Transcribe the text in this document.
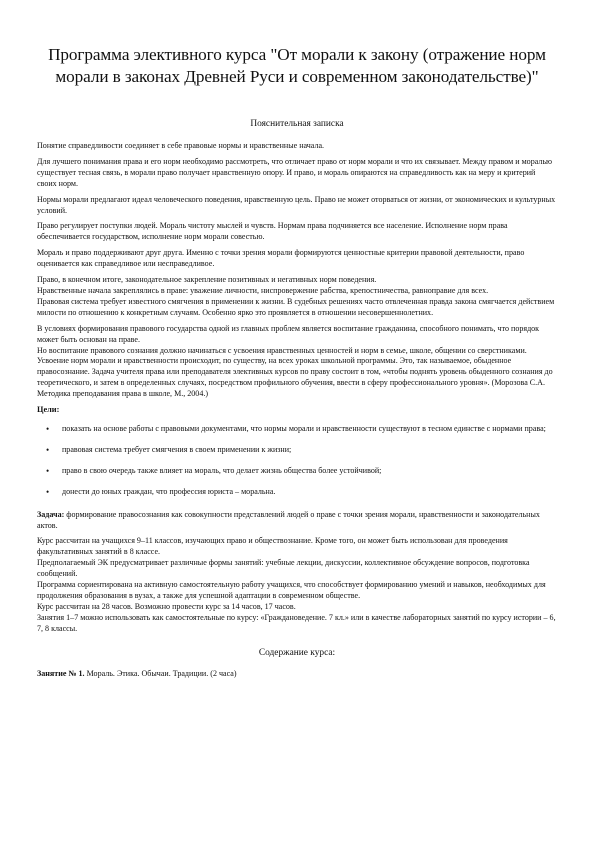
Программа элективного курса "От морали к закону (отражение норм морали в законах Древней Руси и современном законодательстве)"
Пояснительная записка

Понятие справедливости соединяет в себе правовые нормы и нравственные начала.

Для лучшего понимания права и его норм необходимо рассмотреть, что отличает право от норм морали и что их связывает. Между правом и моралью существует тесная связь, в морали право получает нравственную опору. И право, и мораль опираются на справедливость как на меру и критерий своих норм.

Нормы морали предлагают идеал человеческого поведения, нравственную цель. Право не может оторваться от жизни, от экономических и культурных условий.

Право регулирует поступки людей. Мораль чистоту мыслей и чувств. Нормам права подчиняется все население. Исполнение норм права обеспечивается государством, исполнение норм морали совестью.

Мораль и право поддерживают друг друга. Именно с точки зрения морали формируются ценностные критерии правовой деятельности, право оценивается как справедливое или несправедливое.

Право, в конечном итоге, законодательное закрепление позитивных и негативных норм поведения.

Нравственные начала закреплялись в праве: уважение личности, ниспровержение рабства, крепостничества, равноправие для всех.

Правовая система требует известного смягчения в применении к жизни. В судебных решениях часто отвлеченная правда закона смягчается действием милости по отношению к конкретным случаям. Особенно ярко это проявляется в отношении несовершеннолетних.

В условиях формирования правового государства одной из главных проблем является воспитание гражданина, способного понимать, что порядок может быть основан на праве.

Но воспитание правового сознания должно начинаться с усвоения нравственных ценностей и норм в семье, школе, общении со сверстниками. Усвоение норм морали и нравственности происходит, по существу, на всех уроках школьной программы. Это, так называемое, обыденное правосознание. Задача учителя права или преподавателя элективных курсов по праву состоит в том, «чтобы поднять уровень обыденного сознания до теоретического, и затем в определенных случаях, посредством профильного обучения, ввести в сферу профессионального уровня». (Морозова С.А. Методика преподавания права в школе, М., 2004.)

Цели:
• показать на основе работы с правовыми документами, что нормы морали и нравственности существуют в тесном единстве с нормами права;
• правовая система требует смягчения в своем применении к жизни;
• право в свою очередь также влияет на мораль, что делает жизнь общества более устойчивой;
• донести до юных граждан, что профессия юриста – моральна.

Задача: формирование правосознания как совокупности представлений людей о праве с точки зрения морали, нравственности и законодательных актов.

Курс рассчитан на учащихся 9–11 классов, изучающих право и обществознание. Кроме того, он может быть использован для проведения факультативных занятий в 8 классе.

Предполагаемый ЭК предусматривает различные формы занятий: учебные лекции, дискуссии, коллективное обсуждение вопросов, подготовка сообщений.

Программа сориентирована на активную самостоятельную работу учащихся, что способствует формированию умений и навыков, необходимых для продолжения образования в вузах, а также для успешной адаптации в современном обществе.

Курс рассчитан на 28 часов. Возможно провести курс за 14 часов, 17 часов.

Занятия 1–7 можно использовать как самостоятельные по курсу: «Граждановедение. 7 кл.» или в качестве лабораторных занятий по курсу истории – 6, 7, 8 классы.

Содержание курса:

Занятие № 1. Мораль. Этика. Обычаи. Традиции. (2 часа)
